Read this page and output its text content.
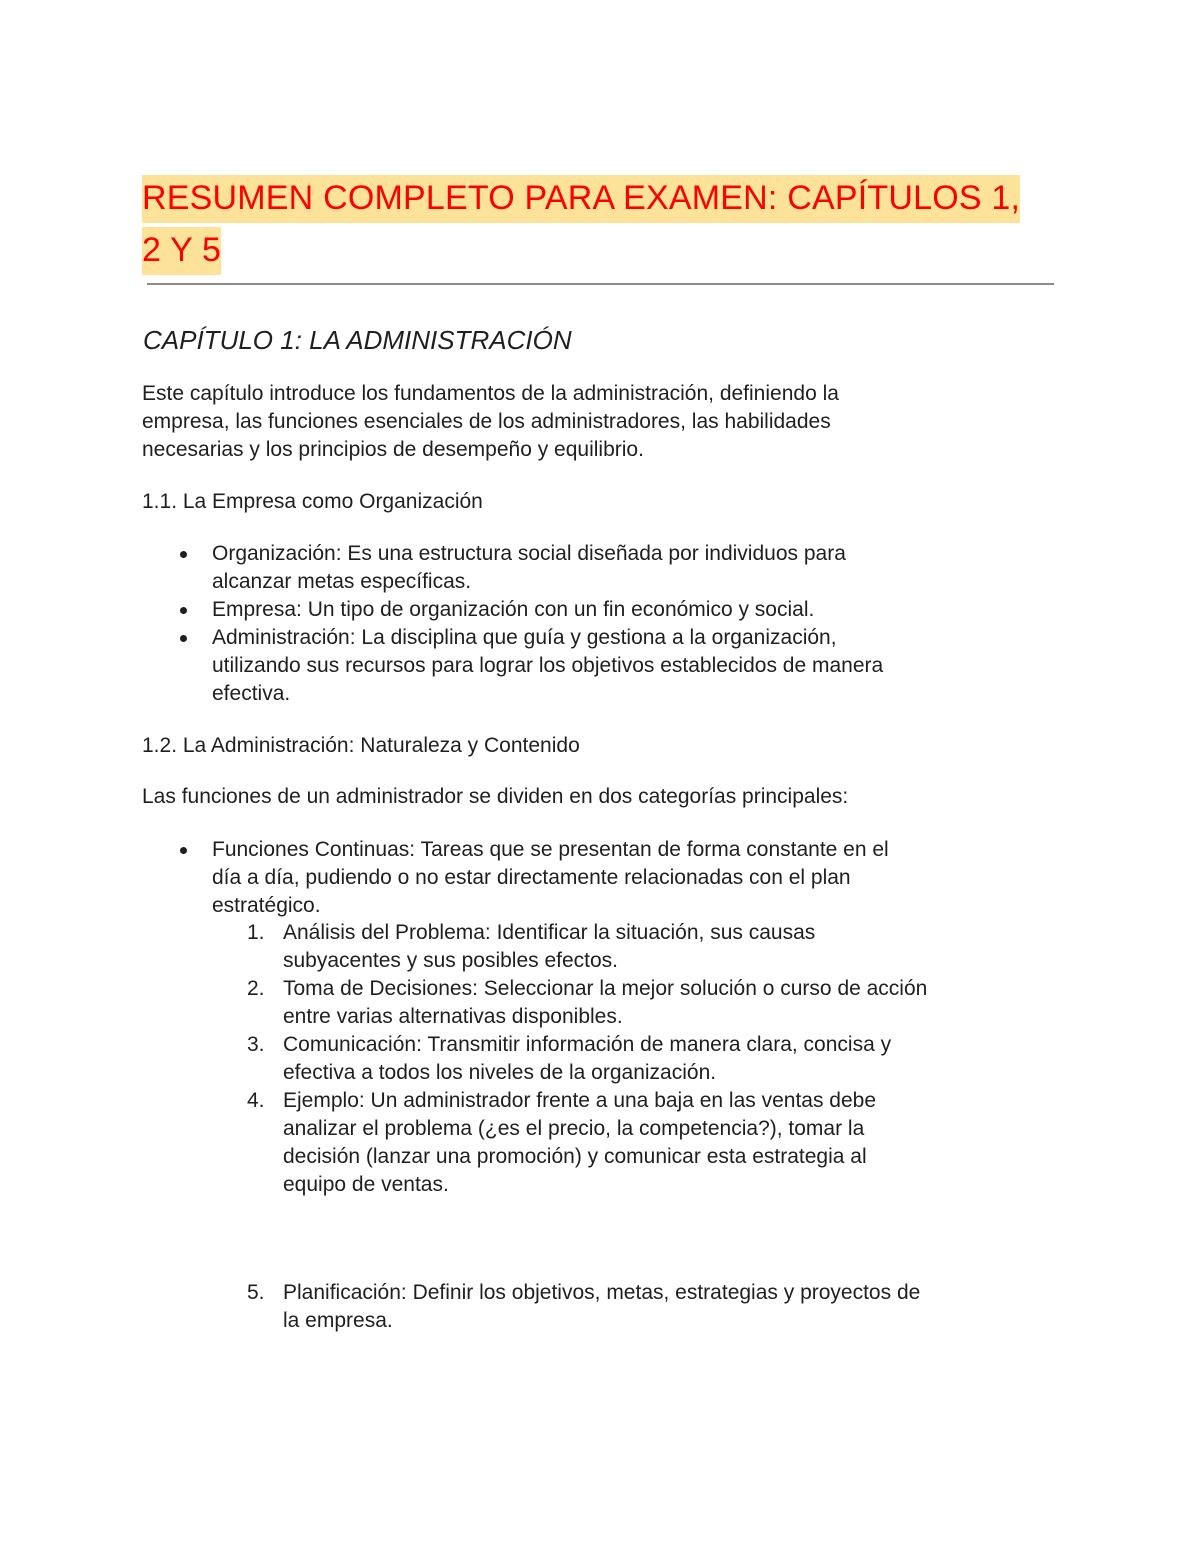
RESUMEN COMPLETO PARA EXAMEN: CAPÍTULOS 1,
2 Y 5
CAPÍTULO 1: LA ADMINISTRACIÓN

Este capítulo introduce los fundamentos de la administración, definiendo la
empresa, las funciones esenciales de los administradores, las habilidades
necesarias y los principios de desempeño y equilibrio.

1.1. La Empresa como Organización

Organización: Es una estructura social diseñada por individuos para
alcanzar metas específicas.
Empresa: Un tipo de organización con un fin económico y social.
Administración: La disciplina que guía y gestiona a la organización,
utilizando sus recursos para lograr los objetivos establecidos de manera
efectiva.

1.2. La Administración: Naturaleza y Contenido

Las funciones de un administrador se dividen en dos categorías principales:

Funciones Continuas: Tareas que se presentan de forma constante en el
día a día, pudiendo o no estar directamente relacionadas con el plan
estratégico.
1. Análisis del Problema: Identificar la situación, sus causas
subyacentes y sus posibles efectos.
2. Toma de Decisiones: Seleccionar la mejor solución o curso de acción
entre varias alternativas disponibles.
3. Comunicación: Transmitir información de manera clara, concisa y
efectiva a todos los niveles de la organización.
4. Ejemplo: Un administrador frente a una baja en las ventas debe
analizar el problema (¿es el precio, la competencia?), tomar la
decisión (lanzar una promoción) y comunicar esta estrategia al
equipo de ventas.
5. Planificación: Definir los objetivos, metas, estrategias y proyectos de
la empresa.
